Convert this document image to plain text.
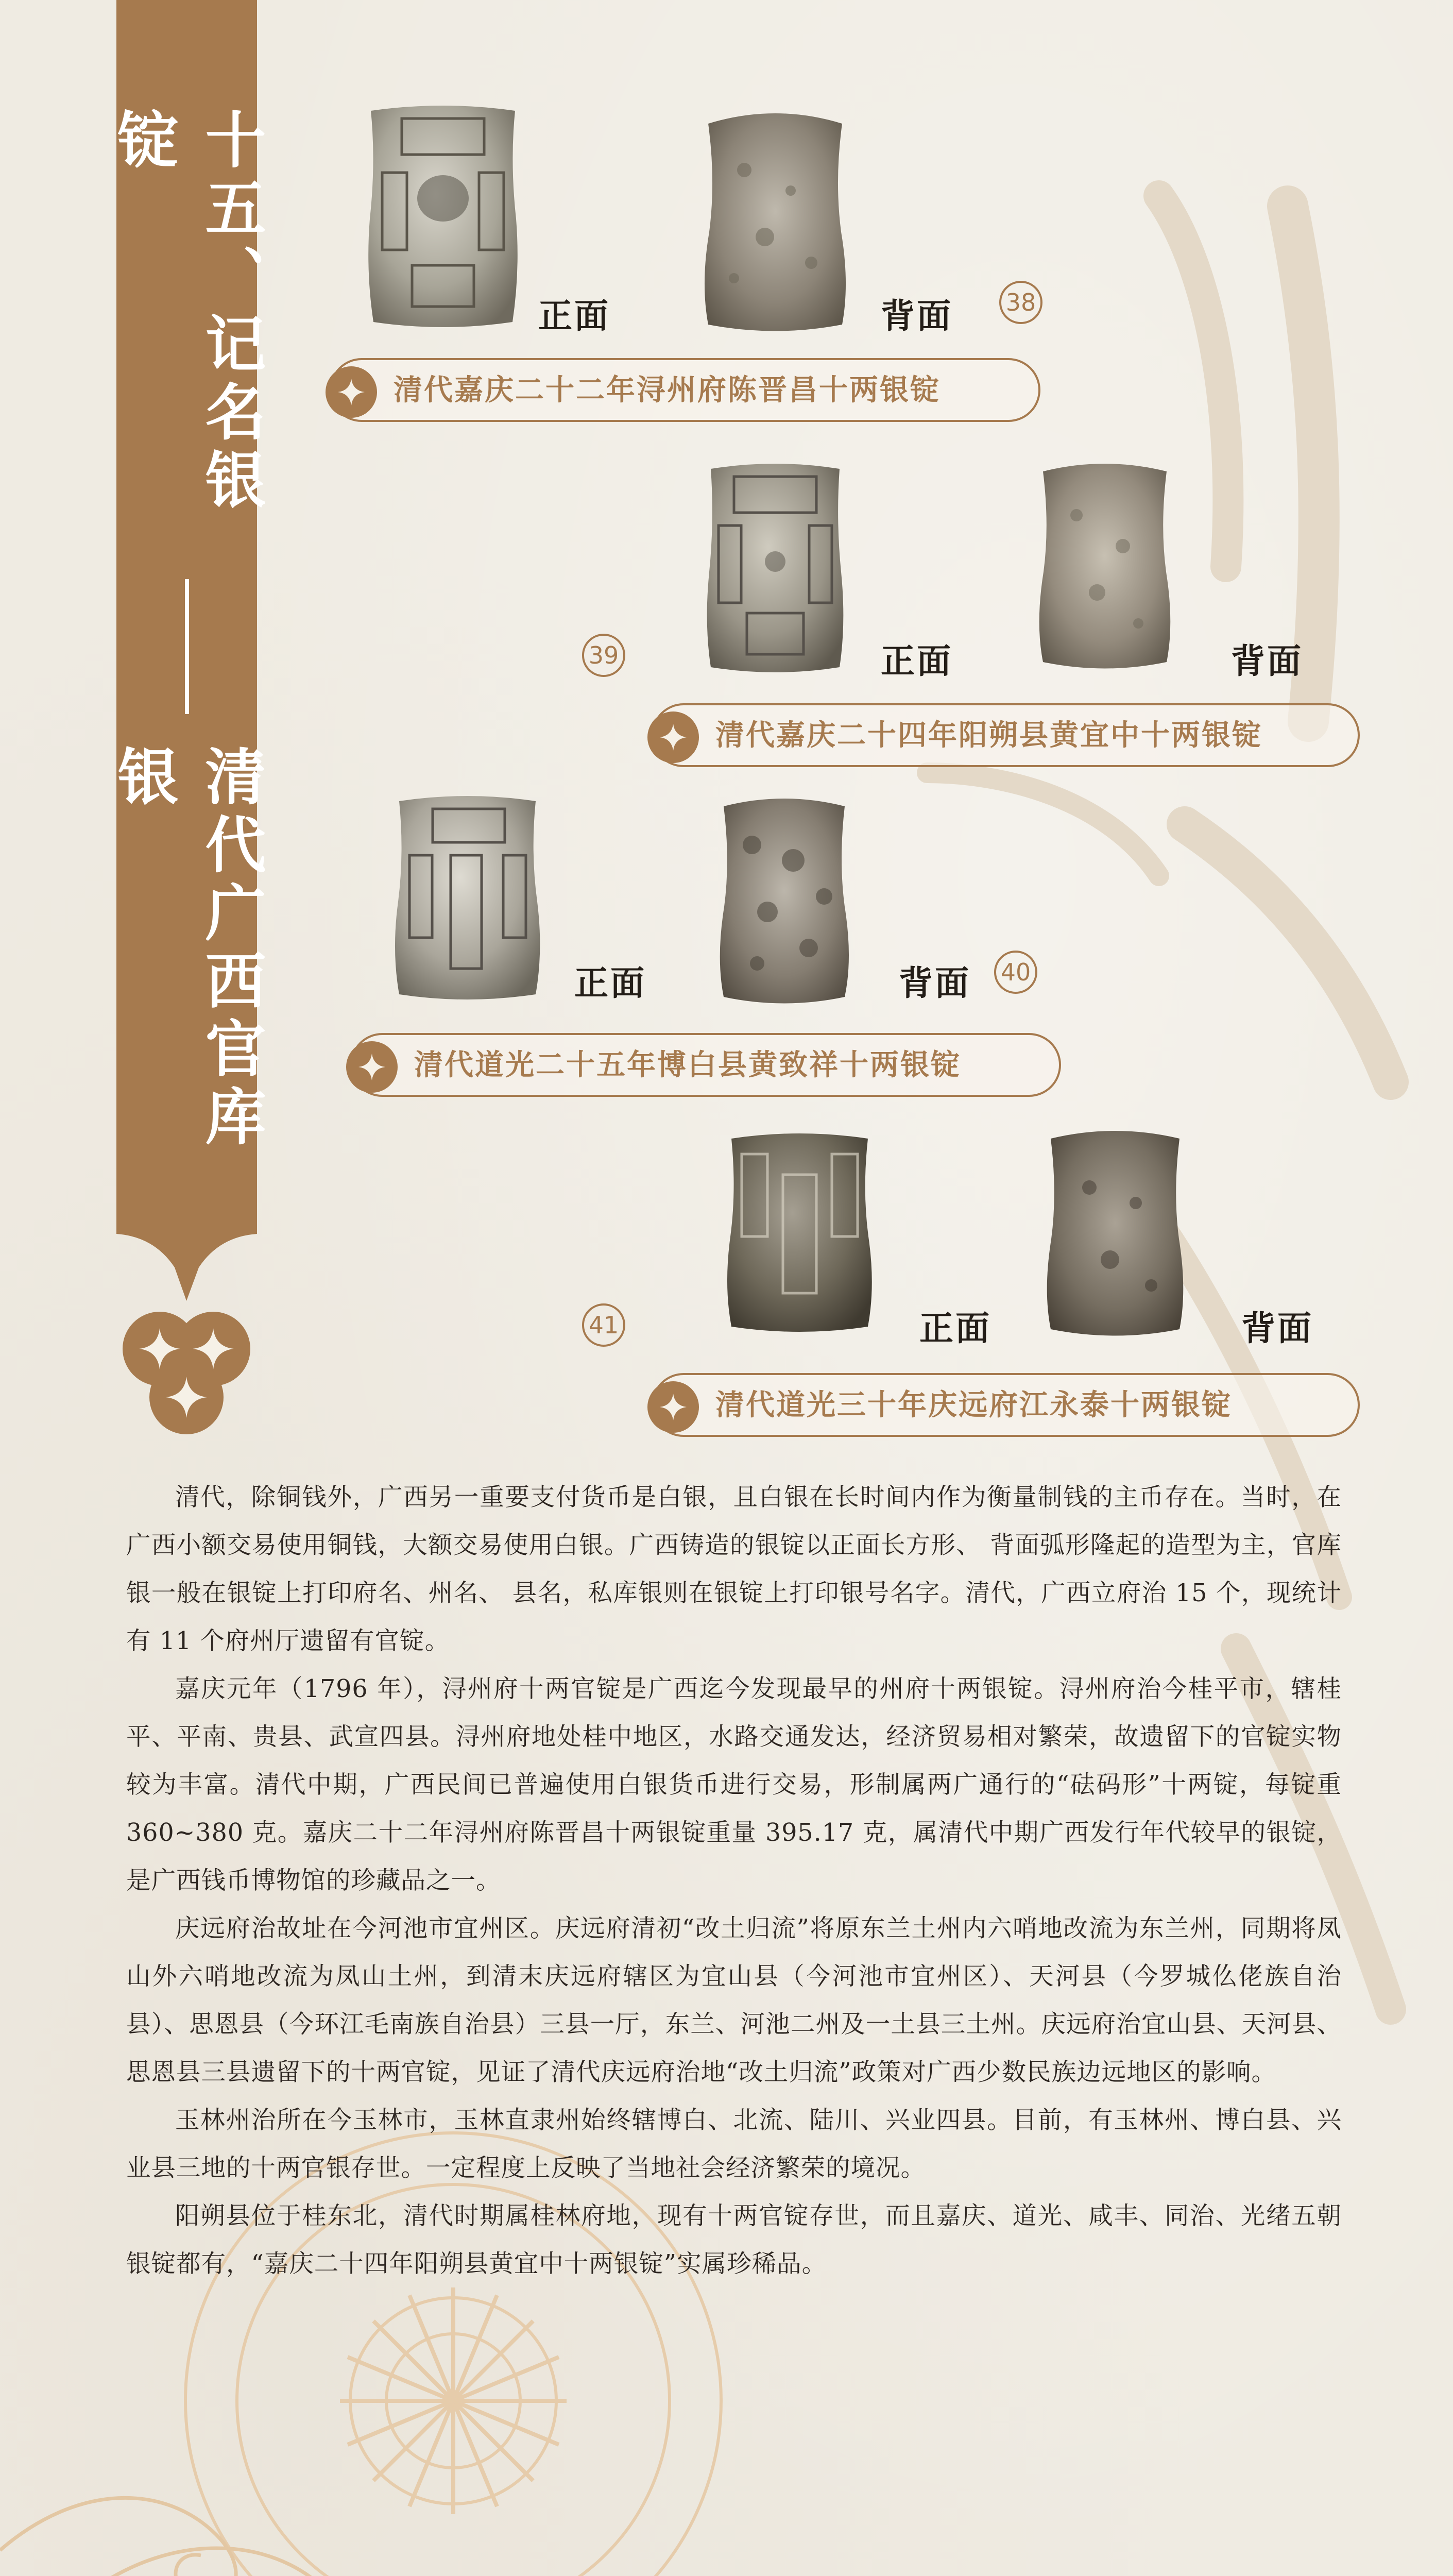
十五、记名银锭
清代广西官库银
正面	背面 38
清代嘉庆二十二年浔州府陈晋昌十两银锭
正面	背面
39
清代嘉庆二十四年阳朔县黄宜中十两银锭
正面	背面 40
清代道光二十五年博白县黄致祥十两银锭
正面	背面
41
清代道光三十年庆远府江永泰十两银锭

清代，除铜钱外，广西另一重要支付货币是白银，且白银在长时间内作为衡量制钱的主币存在。当时，在广西小额交易使用铜钱，大额交易使用白银。广西铸造的银锭以正面长方形、 背面弧形隆起的造型为主，官库银一般在银锭上打印府名、州名、 县名，私库银则在银锭上打印银号名字。清代，广西立府治 15 个，现统计有 11 个府州厅遗留有官锭。

嘉庆元年（1796 年），浔州府十两官锭是广西迄今发现最早的州府十两银锭。浔州府治今桂平市，辖桂平、平南、贵县、武宣四县。浔州府地处桂中地区，水路交通发达，经济贸易相对繁荣，故遗留下的官锭实物较为丰富。清代中期，广西民间已普遍使用白银货币进行交易，形制属两广通行的“砝码形”十两锭，每锭重 360~380 克。嘉庆二十二年浔州府陈晋昌十两银锭重量 395.17 克，属清代中期广西发行年代较早的银锭，是广西钱币博物馆的珍藏品之一。

庆远府治故址在今河池市宜州区。庆远府清初“改土归流”将原东兰土州内六哨地改流为东兰州，同期将凤山外六哨地改流为凤山土州，到清末庆远府辖区为宜山县（今河池市宜州区）、天河县（今罗城仫佬族自治县）、思恩县（今环江毛南族自治县）三县一厅，东兰、河池二州及一土县三土州。庆远府治宜山县、天河县、思恩县三县遗留下的十两官锭，见证了清代庆远府治地“改土归流”政策对广西少数民族边远地区的影响。

玉林州治所在今玉林市，玉林直隶州始终辖博白、北流、陆川、兴业四县。目前，有玉林州、博白县、兴业县三地的十两官银存世。一定程度上反映了当地社会经济繁荣的境况。

阳朔县位于桂东北，清代时期属桂林府地，现有十两官锭存世，而且嘉庆、道光、咸丰、同治、光绪五朝银锭都有，“嘉庆二十四年阳朔县黄宜中十两银锭”实属珍稀品。
